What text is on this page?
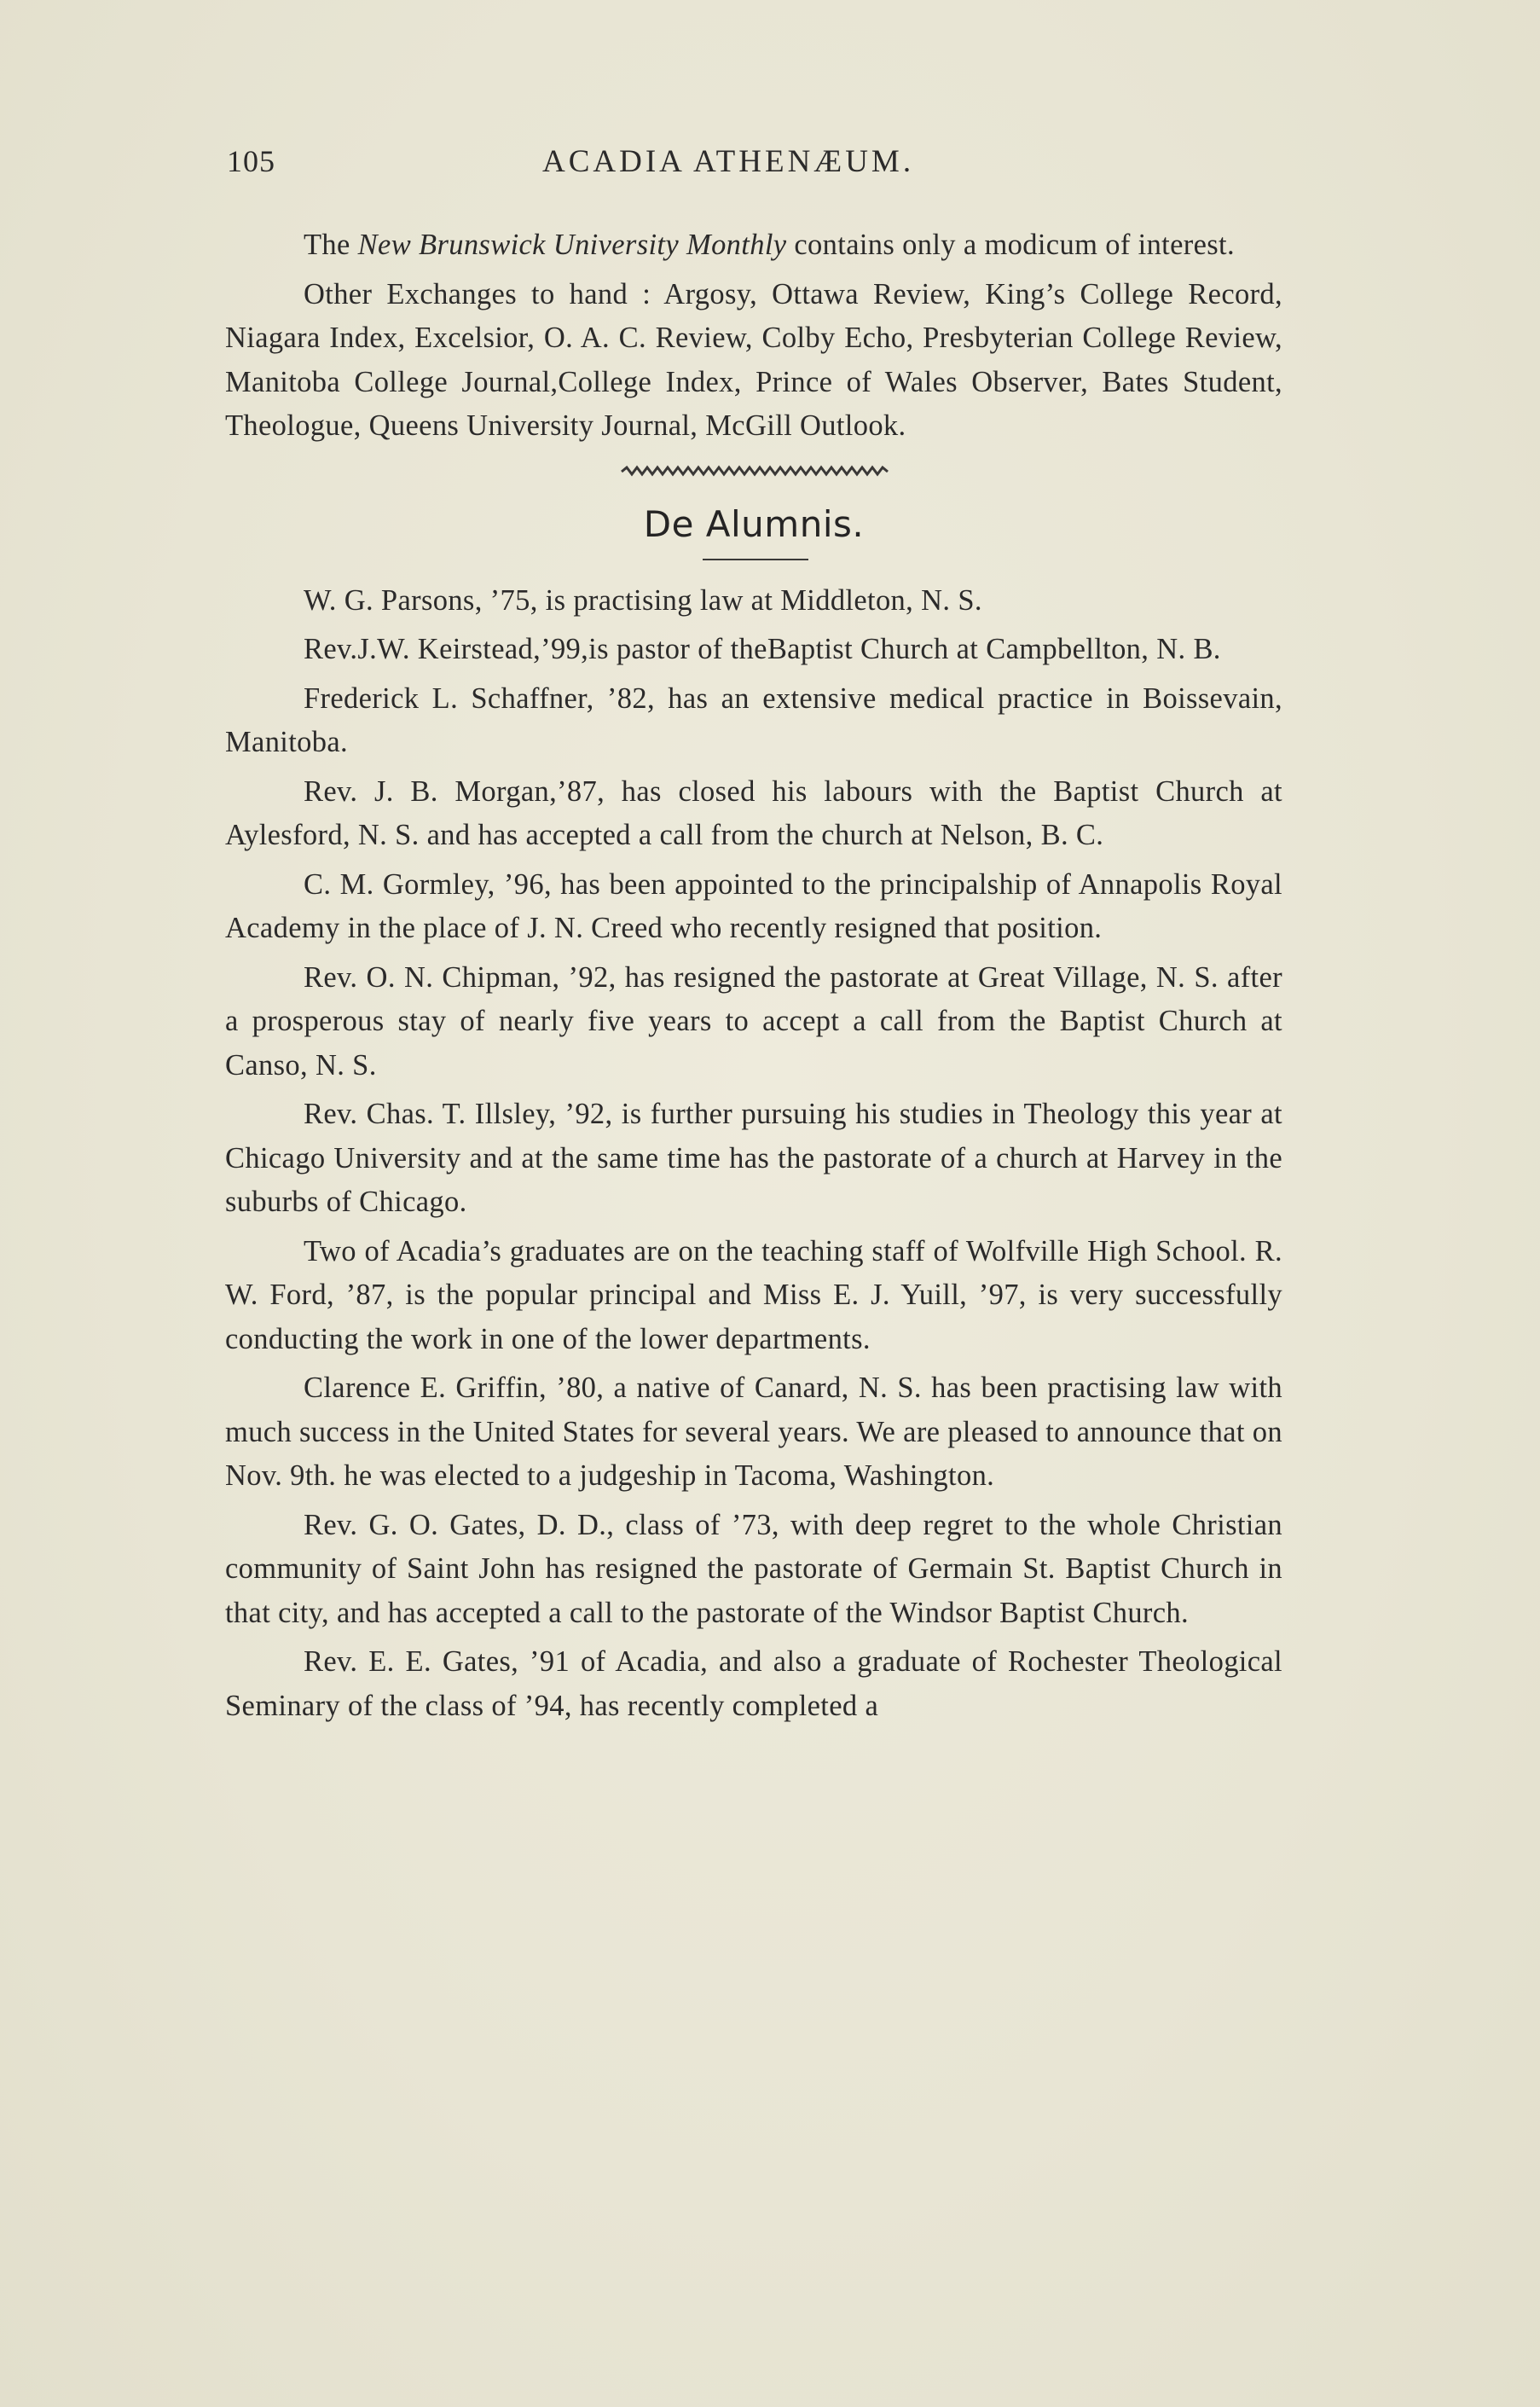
105	ACADIA ATHENÆUM.

The New Brunswick University Monthly contains only a modicum of interest.

Other Exchanges to hand : Argosy, Ottawa Review, King’s College Record, Niagara Index, Excelsior, O. A. C. Review, Colby Echo, Presbyterian College Review, Manitoba College Journal,College Index, Prince of Wales Observer, Bates Student, Theologue, Queens University Journal, McGill Outlook.

De Alumnis.

W. G. Parsons, ’75, is practising law at Middleton, N. S.

Rev.J.W. Keirstead,’99,is pastor of theBaptist Church at Campbellton, N. B.

Frederick L. Schaffner, ’82, has an extensive medical practice in Boissevain, Manitoba.

Rev. J. B. Morgan,’87, has closed his labours with the Baptist Church at Aylesford, N. S. and has accepted a call from the church at Nelson, B. C.

C. M. Gormley, ’96, has been appointed to the principalship of Annapolis Royal Academy in the place of J. N. Creed who recently resigned that position.

Rev. O. N. Chipman, ’92, has resigned the pastorate at Great Village, N. S. after a prosperous stay of nearly five years to accept a call from the Baptist Church at Canso, N. S.

Rev. Chas. T. Illsley, ’92, is further pursuing his studies in Theology this year at Chicago University and at the same time has the pastorate of a church at Harvey in the suburbs of Chicago.

Two of Acadia’s graduates are on the teaching staff of Wolfville High School. R. W. Ford, ’87, is the popular principal and Miss E. J. Yuill, ’97, is very successfully conducting the work in one of the lower departments.

Clarence E. Griffin, ’80, a native of Canard, N. S. has been practising law with much success in the United States for several years. We are pleased to announce that on Nov. 9th. he was elected to a judgeship in Tacoma, Washington.

Rev. G. O. Gates, D. D., class of ’73, with deep regret to the whole Christian community of Saint John has resigned the pastorate of Germain St. Baptist Church in that city, and has accepted a call to the pastorate of the Windsor Baptist Church.

Rev. E. E. Gates, ’91 of Acadia, and also a graduate of Rochester Theological Seminary of the class of ’94, has recently completed a
